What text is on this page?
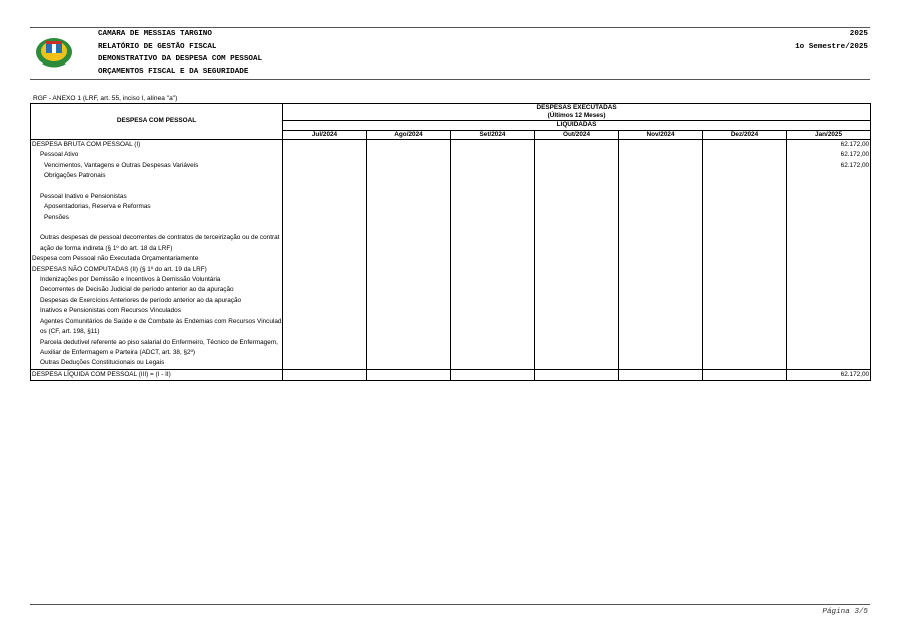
CAMARA DE MESSIAS TARGINO
RELATÓRIO DE GESTÃO FISCAL
DEMONSTRATIVO DA DESPESA COM PESSOAL
ORÇAMENTOS FISCAL E DA SEGURIDADE
2025
1o Semestre/2025
RGF - ANEXO 1 (LRF, art. 55, inciso I, alínea "a")
DESPESA COM PESSOAL	DESPESAS EXECUTADAS						
	(Últimos 12 Meses)						
	LIQUIDADAS						
	Jul/2024	Ago/2024	Set/2024	Out/2024	Nov/2024	Dez/2024	Jan/2025
DESPESA BRUTA COM PESSOAL (I)							62.172,00
Pessoal Ativo							62.172,00
Vencimentos, Vantagens e Outras Despesas Variáveis							62.172,00
Obrigações Patronais							

Pessoal Inativo e Pensionistas							
Aposentadorias, Reserva e Reformas							
Pensões							

Outras despesas de pessoal decorrentes de contratos de terceirização ou de contratação de forma indireta (§ 1º do art. 18 da LRF)							
Despesa com Pessoal não Executada Orçamentariamente							
DESPESAS NÃO COMPUTADAS (II) (§ 1º do art. 19 da LRF)							
Indenizações por Demissão e Incentivos à Demissão Voluntária							
Decorrentes de Decisão Judicial de período anterior ao da apuração							
Despesas de Exercícios Anteriores de período anterior ao da apuração							
Inativos e Pensionistas com Recursos Vinculados							
Agentes Comunitários de Saúde e de Combate às Endemias com Recursos Vinculados (CF, art. 198, §11)							
Parcela dedutível referente ao piso salarial do Enfermeiro, Técnico de Enfermagem, Auxiliar de Enfermagem e Parteira (ADCT, art. 38, §2º)							
Outras Deduções Constitucionais ou Legais							
DESPESA LÍQUIDA COM PESSOAL (III) = (I - II)							62.172,00
Página 3/5
